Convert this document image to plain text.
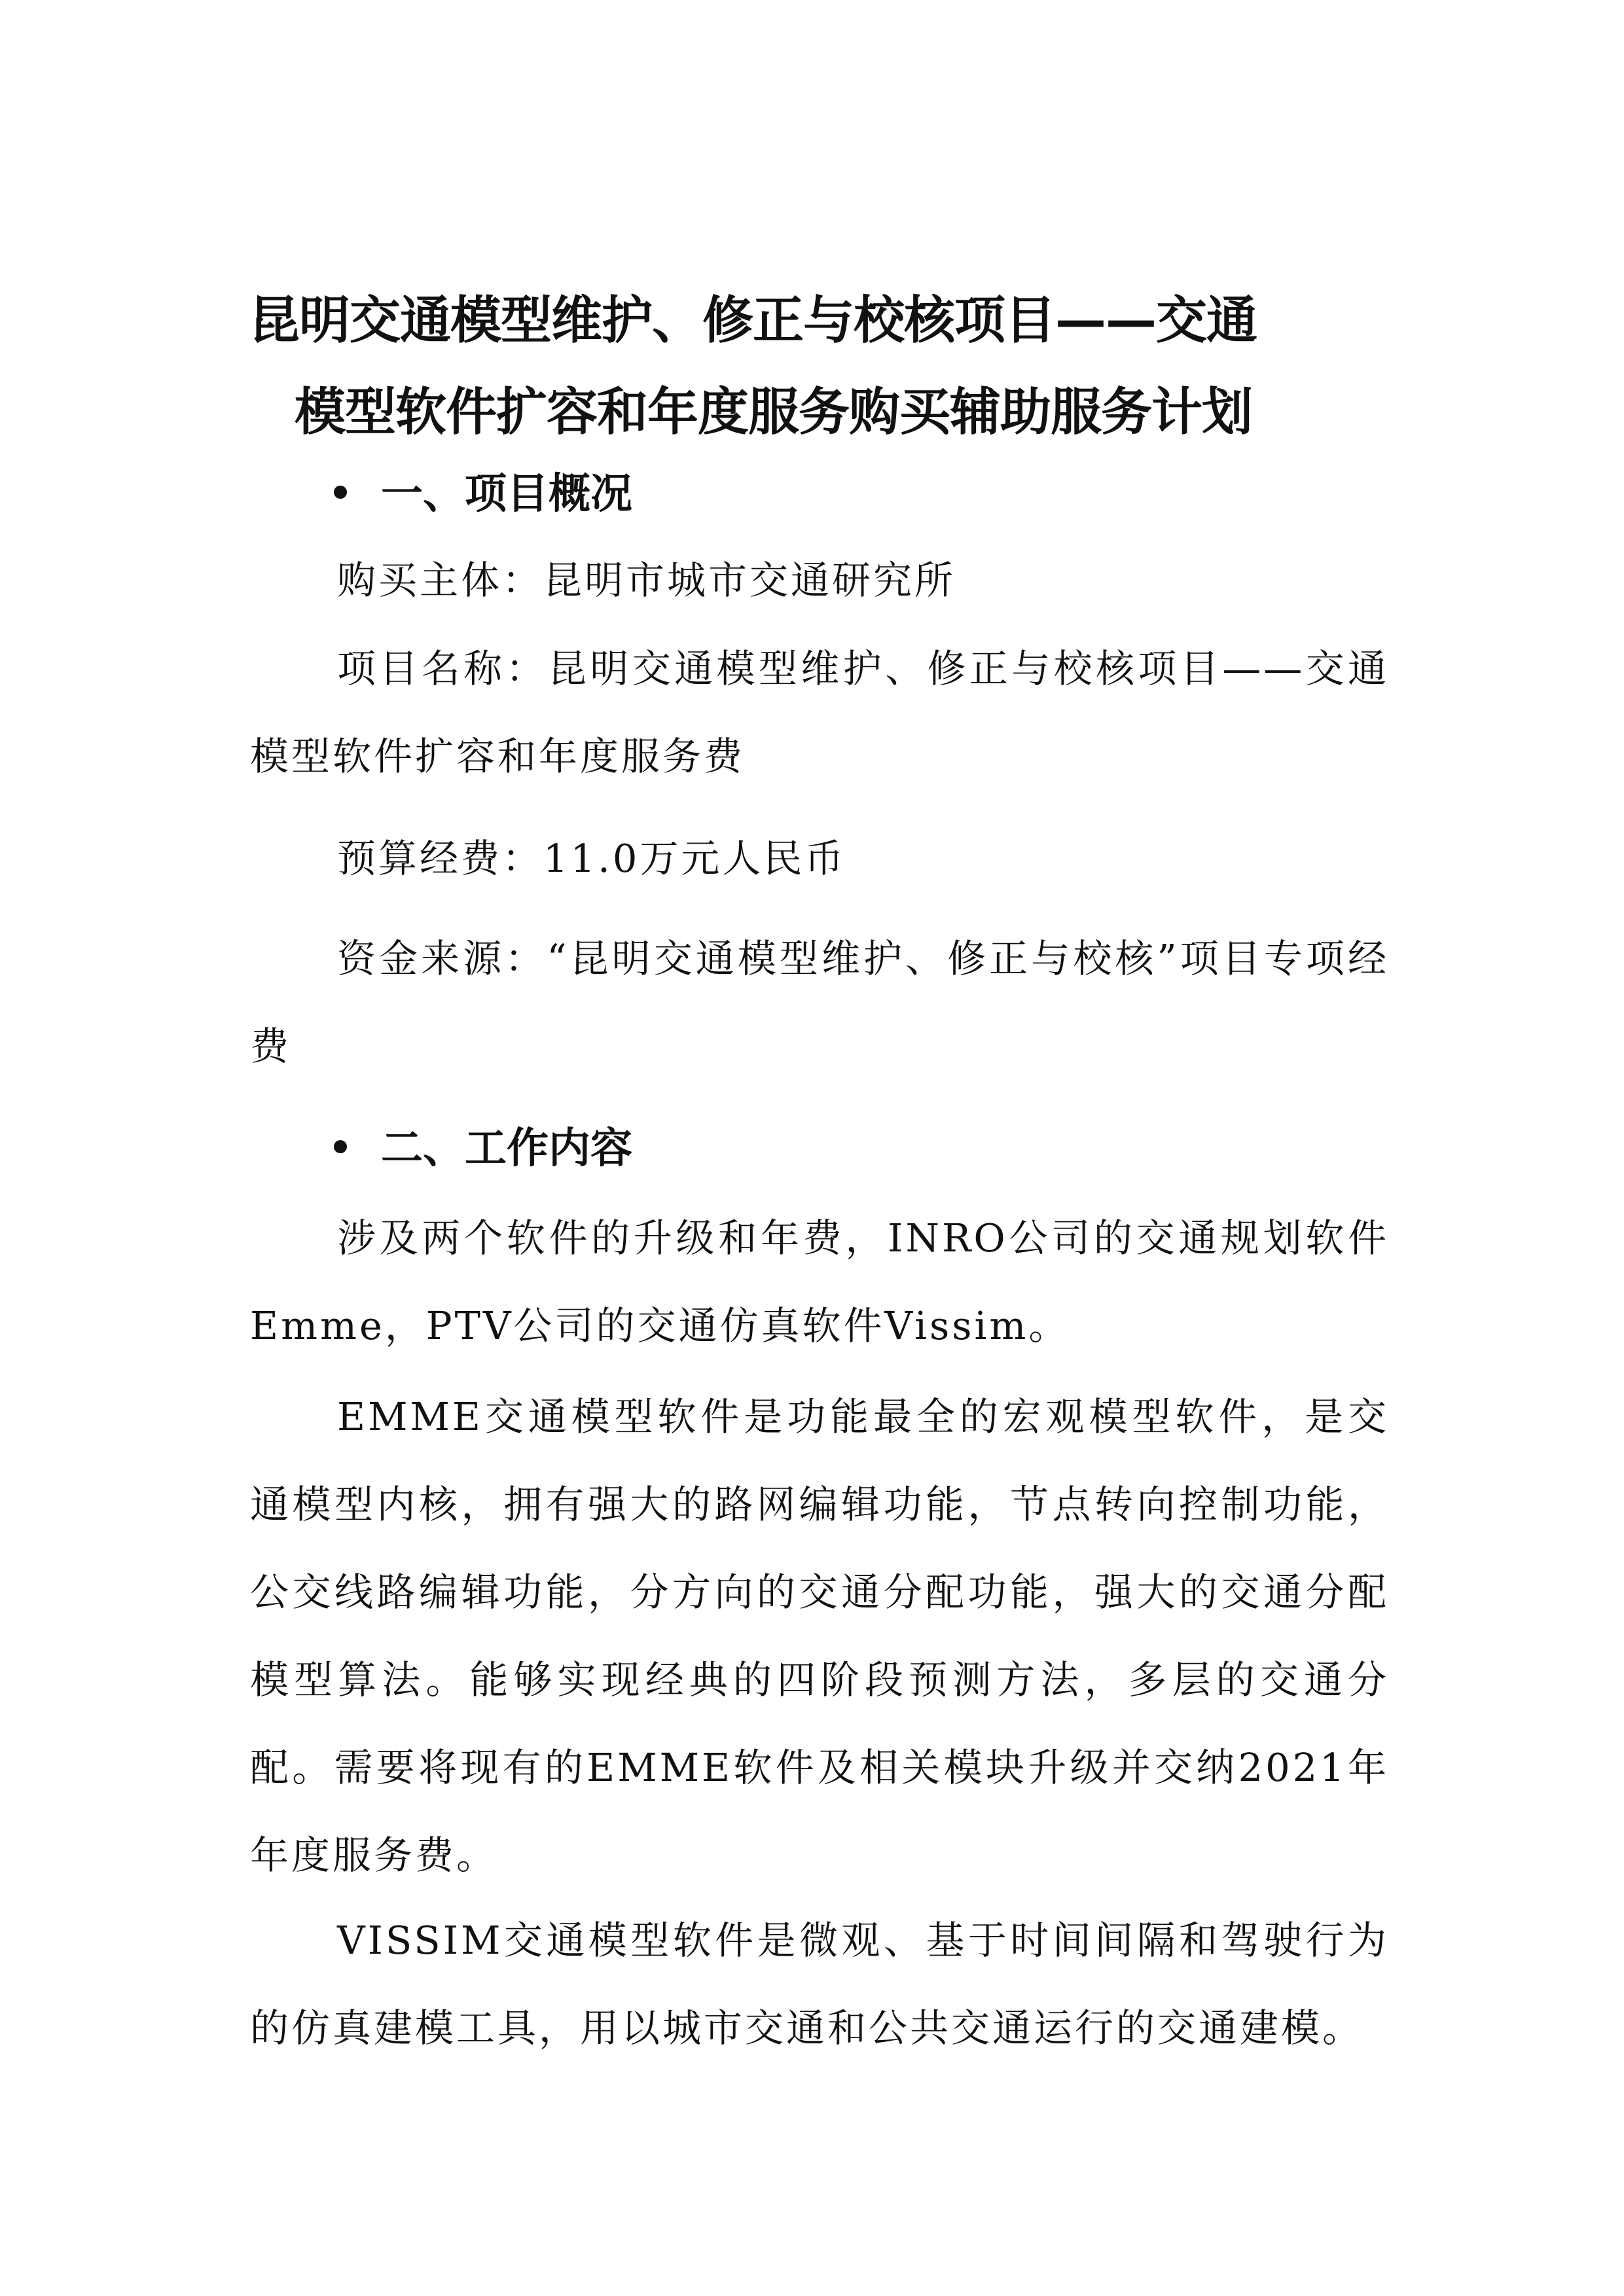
昆明交通模型维护、修正与校核项目——交通
模型软件扩容和年度服务购买辅助服务计划
一、项目概况
购买主体：昆明市城市交通研究所

项目名称：昆明交通模型维护、修正与校核项目——交通模型软件扩容和年度服务费

预算经费：11.0万元人民币

资金来源：“昆明交通模型维护、修正与校核”项目专项经费

二、工作内容

涉及两个软件的升级和年费，INRO公司的交通规划软件Emme，PTV公司的交通仿真软件Vissim。

EMME交通模型软件是功能最全的宏观模型软件，是交通模型内核，拥有强大的路网编辑功能，节点转向控制功能，公交线路编辑功能，分方向的交通分配功能，强大的交通分配模型算法。能够实现经典的四阶段预测方法，多层的交通分配。需要将现有的EMME软件及相关模块升级并交纳2021年年度服务费。

VISSIM交通模型软件是微观、基于时间间隔和驾驶行为的仿真建模工具，用以城市交通和公共交通运行的交通建模。
